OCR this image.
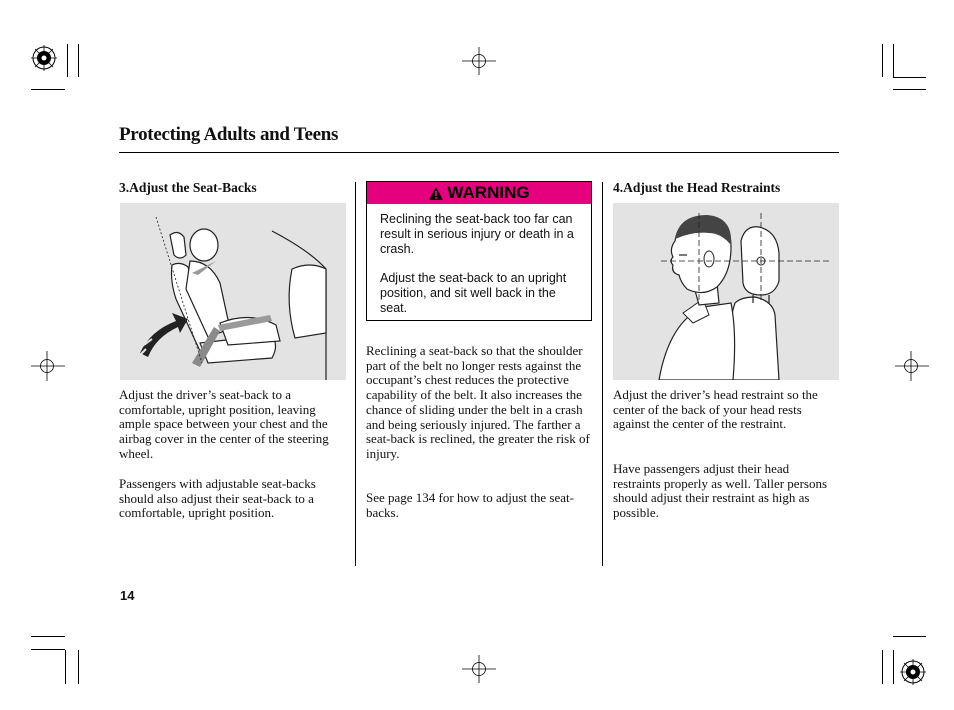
Protecting Adults and Teens
3.Adjust the Seat-Backs

Adjust the driver’s seat-back to a comfortable, upright position, leaving ample space between your chest and the airbag cover in the center of the steering wheel.

Passengers with adjustable seat-backs should also adjust their seat-back to a comfortable, upright position.

WARNING

Reclining the seat-back too far can result in serious injury or death in a crash.

Adjust the seat-back to an upright position, and sit well back in the seat.

Reclining a seat-back so that the shoulder part of the belt no longer rests against the occupant’s chest reduces the protective capability of the belt. It also increases the chance of sliding under the belt in a crash and being seriously injured. The farther a seat-back is reclined, the greater the risk of injury.

See page 134 for how to adjust the seat-backs.

4.Adjust the Head Restraints

Adjust the driver’s head restraint so the center of the back of your head rests against the center of the restraint.

Have passengers adjust their head restraints properly as well. Taller persons should adjust their restraint as high as possible.

14
